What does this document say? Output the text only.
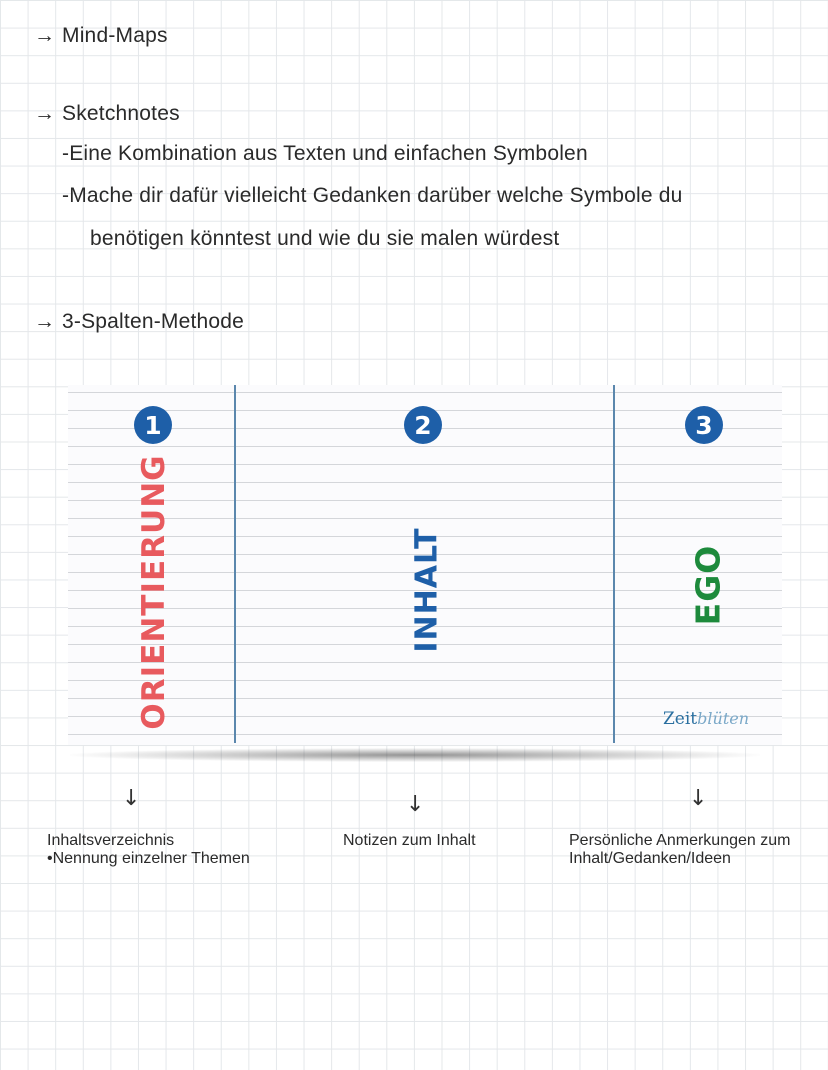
→ Mind-Maps
→ Sketchnotes
-Eine Kombination aus Texten und einfachen Symbolen
-Mache dir dafür vielleicht Gedanken darüber welche Symbole du
benötigen könntest und wie du sie malen würdest
→ 3-Spalten-Methode
1	2	3
ORIENTIERUNG	INHALT	EGO
Zeitblüten
↓	↓	↓
Inhaltsverzeichnis
•Nennung einzelner Themen
Notizen zum Inhalt	Persönliche Anmerkungen zum
Inhalt/Gedanken/Ideen
